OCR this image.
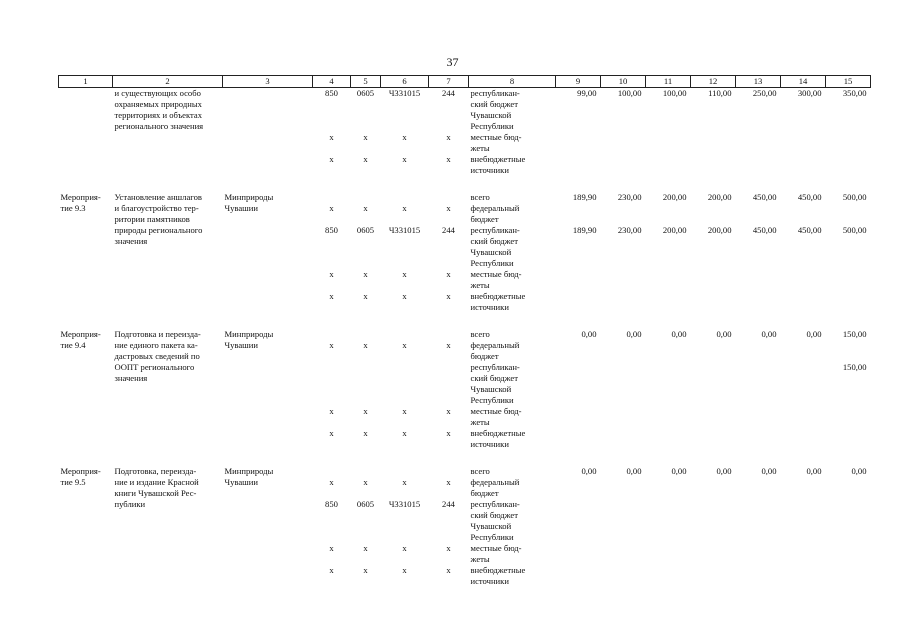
37
1	2	3	4	5	6	7	8	9	10	11	12	13	14	15
	и существующих особо		850	0605	Ч331015	244	республикан-	99,00	100,00	100,00	110,00	250,00	300,00	350,00
	охраняемых природных						ский бюджет							
	территориях и объектах						Чувашской							
	регионального значения						Республики							
			х	х	х	х	местные бюд-							
							жеты							
			х	х	х	х	внебюджетные							
							источники							

Мероприя-	Установление аншлагов	Минприроды					всего	189,90	230,00	200,00	200,00	450,00	450,00	500,00
тие 9.3	и благоустройство тер-	Чувашии	х	х	х	х	федеральный							
	ритории памятников						бюджет							
	природы регионального		850	0605	Ч331015	244	республикан-	189,90	230,00	200,00	200,00	450,00	450,00	500,00
	значения						ский бюджет							
							Чувашской							
							Республики							
			х	х	х	х	местные бюд-							
							жеты							
			х	х	х	х	внебюджетные							
							источники							

Мероприя-	Подготовка и переизда-	Минприроды					всего	0,00	0,00	0,00	0,00	0,00	0,00	150,00
тие 9.4	ние единого пакета ка-	Чувашии	х	х	х	х	федеральный							
	дастровых сведений по						бюджет							
	ООПТ регионального						республикан-							150,00
	значения						ский бюджет							
							Чувашской							
							Республики							
			х	х	х	х	местные бюд-							
							жеты							
			х	х	х	х	внебюджетные							
							источники							

Мероприя-	Подготовка, переизда-	Минприроды					всего	0,00	0,00	0,00	0,00	0,00	0,00	0,00
тие 9.5	ние и издание Красной	Чувашии	х	х	х	х	федеральный							
	книги Чувашской Рес-						бюджет							
	публики		850	0605	Ч331015	244	республикан-							
							ский бюджет							
							Чувашской							
							Республики							
			х	х	х	х	местные бюд-							
							жеты							
			х	х	х	х	внебюджетные							
							источники							
